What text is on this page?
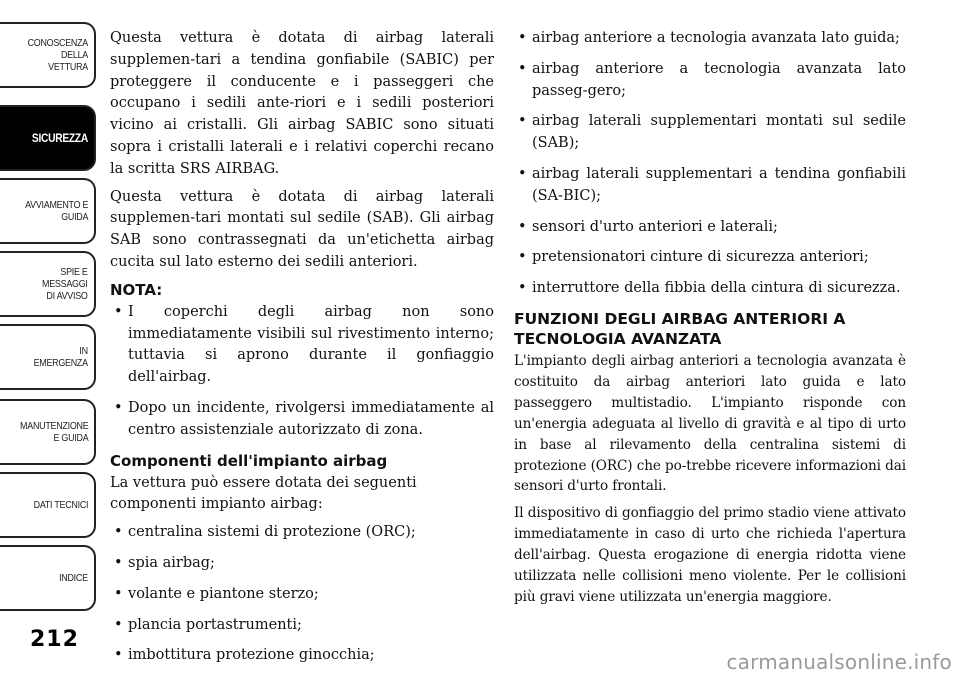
CONOSCENZA DELLA
VETTURA
SICUREZZA
AVVIAMENTO E
GUIDA
SPIE E
MESSAGGI
DI AVVISO
IN
EMERGENZA
MANUTENZIONE
E GUIDA
DATI TECNICI
INDICE
212

Questa vettura è dotata di airbag laterali supplemen-tari a tendina gonfiabile (SABIC) per proteggere il conducente e i passeggeri che occupano i sedili ante-riori e i sedili posteriori vicino ai cristalli. Gli airbag SABIC sono situati sopra i cristalli laterali e i relativi coperchi recano la scritta SRS AIRBAG.

Questa vettura è dotata di airbag laterali supplemen-tari montati sul sedile (SAB). Gli airbag SAB sono contrassegnati da un'etichetta airbag cucita sul lato esterno dei sedili anteriori.

NOTA:
• I coperchi degli airbag non sono immediatamente visibili sul rivestimento interno; tuttavia si aprono durante il gonfiaggio dell'airbag.
• Dopo un incidente, rivolgersi immediatamente al centro assistenziale autorizzato di zona.
Componenti dell'impianto airbag

La vettura può essere dotata dei seguenti componenti impianto airbag:

• centralina sistemi di protezione (ORC);
• spia airbag;
• volante e piantone sterzo;
• plancia portastrumenti;
• imbottitura protezione ginocchia;
• airbag anteriore a tecnologia avanzata lato guida;
• airbag anteriore a tecnologia avanzata lato passeg-gero;
• airbag laterali supplementari montati sul sedile (SAB);
• airbag laterali supplementari a tendina gonfiabili (SA-BIC);
• sensori d'urto anteriori e laterali;
• pretensionatori cinture di sicurezza anteriori;
• interruttore della fibbia della cintura di sicurezza.
FUNZIONI DEGLI AIRBAG ANTERIORI A TECNOLOGIA AVANZATA

L'impianto degli airbag anteriori a tecnologia avanzata è costituito da airbag anteriori lato guida e lato passeggero multistadio. L'impianto risponde con un'energia adeguata al livello di gravità e al tipo di urto in base al rilevamento della centralina sistemi di protezione (ORC) che po-trebbe ricevere informazioni dai sensori d'urto frontali.

Il dispositivo di gonfiaggio del primo stadio viene attivato immediatamente in caso di urto che richieda l'apertura dell'airbag. Questa erogazione di energia ridotta viene utilizzata nelle collisioni meno violente. Per le collisioni più gravi viene utilizzata un'energia maggiore.

carmanualsonline.info
